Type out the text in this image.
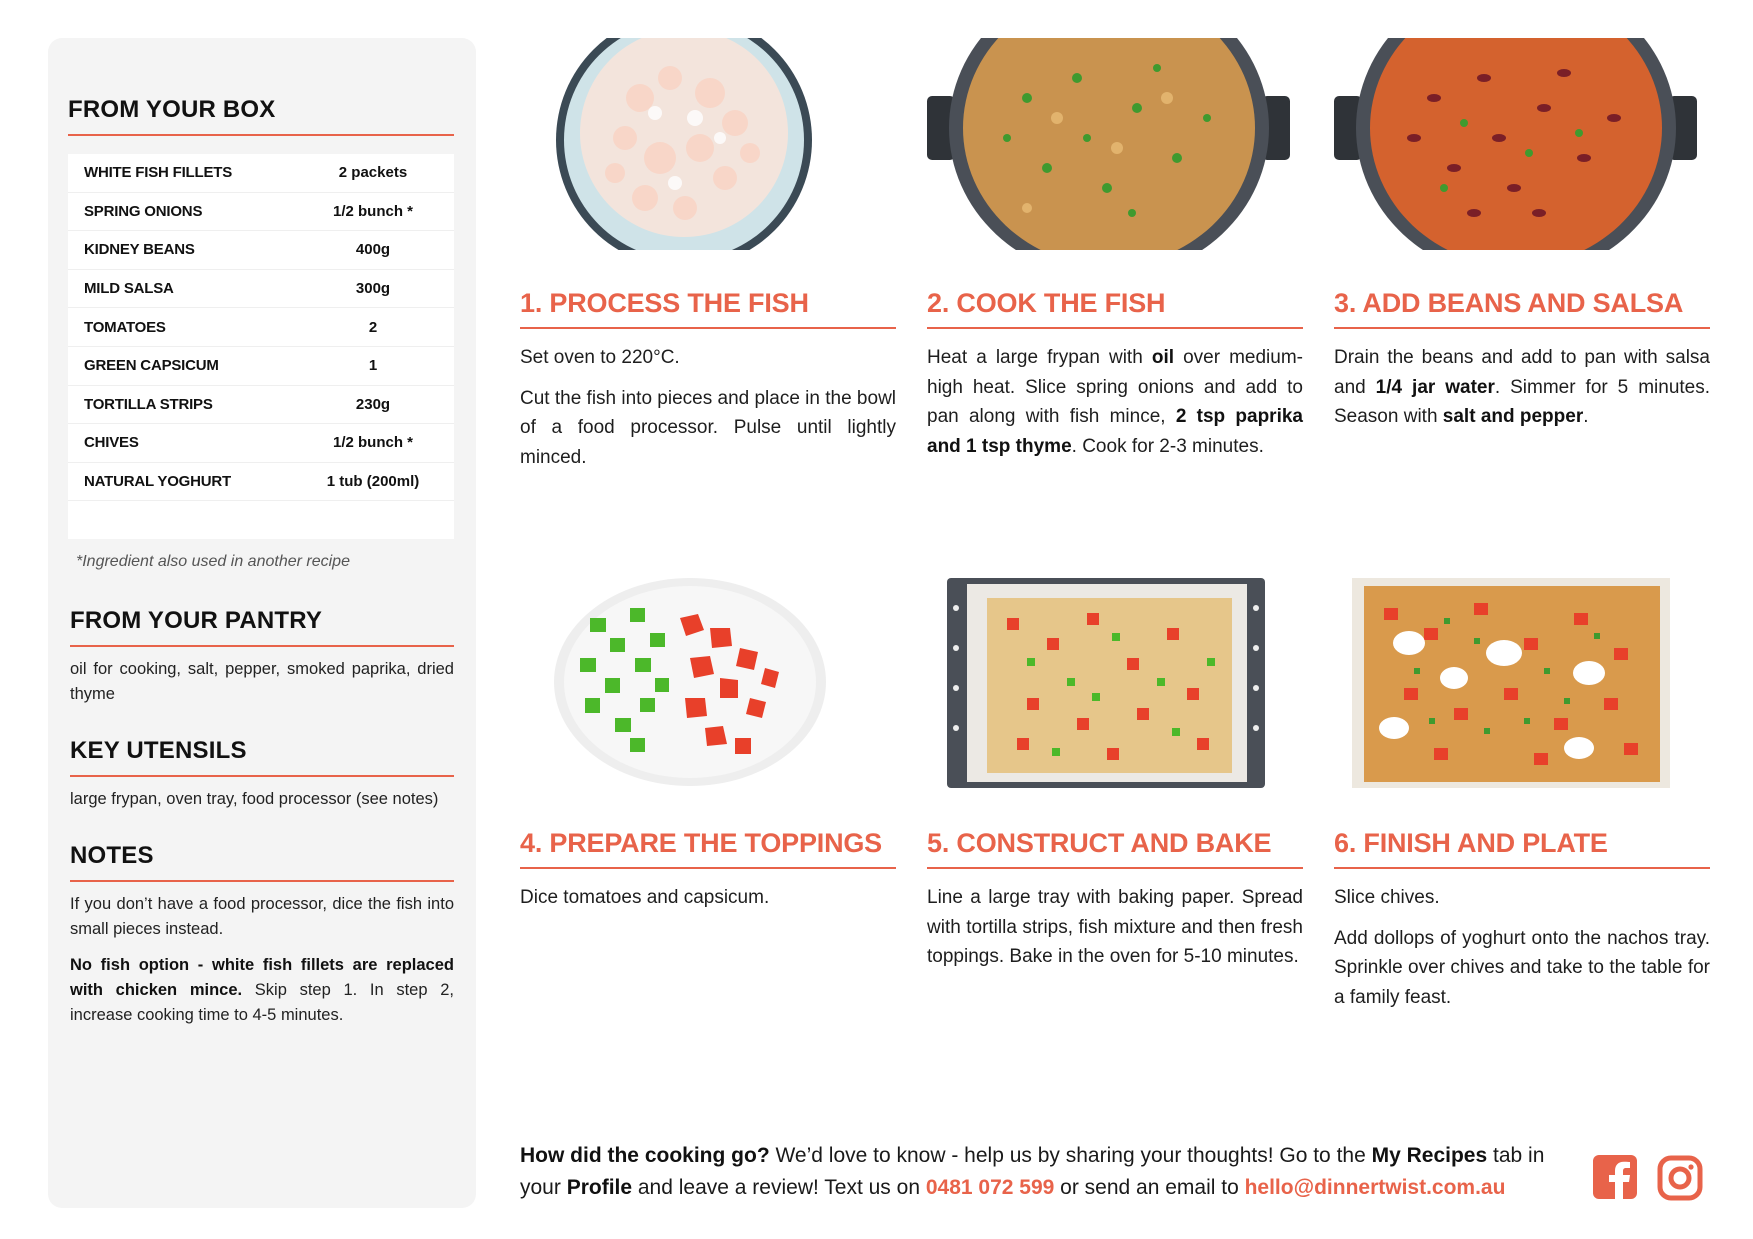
FROM YOUR BOX
WHITE FISH FILLETS	2 packets
SPRING ONIONS	1/2 bunch *
KIDNEY BEANS	400g
MILD SALSA	300g
TOMATOES	2
GREEN CAPSICUM	1
TORTILLA STRIPS	230g
CHIVES	1/2 bunch *
NATURAL YOGHURT	1 tub (200ml)
*Ingredient also used in another recipe
FROM YOUR PANTRY

oil for cooking, salt, pepper, smoked paprika, dried thyme

KEY UTENSILS

large frypan, oven tray, food processor (see notes)

NOTES

If you don’t have a food processor, dice the fish into small pieces instead.

No fish option - white fish fillets are replaced with chicken mince. Skip step 1. In step 2, increase cooking time to 4-5 minutes.

1. PROCESS THE FISH

Set oven to 220°C.

Cut the fish into pieces and place in the bowl of a food processor. Pulse until lightly minced.

2. COOK THE FISH

Heat a large frypan with oil over medium-high heat. Slice spring onions and add to pan along with fish mince, 2 tsp paprika and 1 tsp thyme. Cook for 2-3 minutes.

3. ADD BEANS AND SALSA

Drain the beans and add to pan with salsa and 1/4 jar water. Simmer for 5 minutes. Season with salt and pepper.

4. PREPARE THE TOPPINGS

Dice tomatoes and capsicum.

5. CONSTRUCT AND BAKE

Line a large tray with baking paper. Spread with tortilla strips, fish mixture and then fresh toppings. Bake in the oven for 5-10 minutes.

6. FINISH AND PLATE

Slice chives.

Add dollops of yoghurt onto the nachos tray. Sprinkle over chives and take to the table for a family feast.

How did the cooking go? We’d love to know - help us by sharing your thoughts! Go to the My Recipes tab in your Profile and leave a review! Text us on 0481 072 599 or send an email to hello@dinnertwist.com.au
